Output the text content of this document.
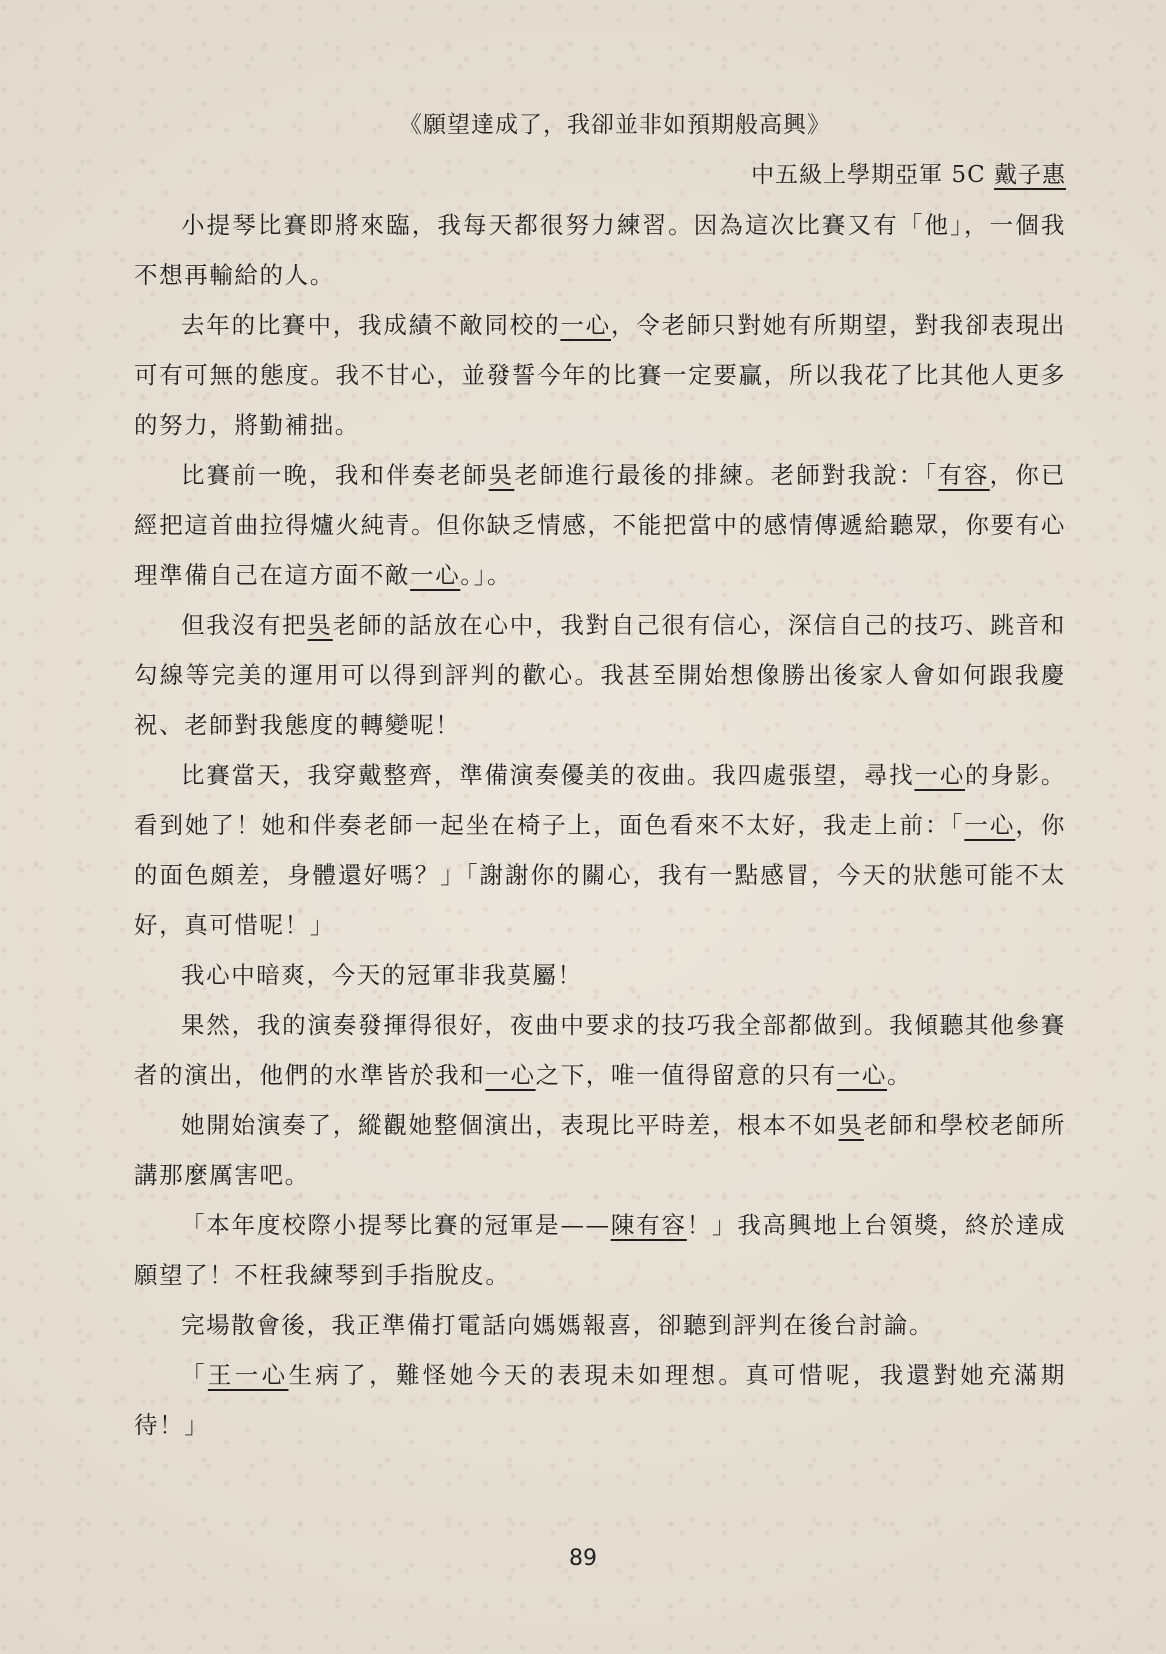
《願望達成了，我卻並非如預期般高興》
中五級上學期亞軍 5C 戴子惠

小提琴比賽即將來臨，我每天都很努力練習。因為這次比賽又有「他」，一個我不想再輸給的人。

去年的比賽中，我成績不敵同校的一心，令老師只對她有所期望，對我卻表現出可有可無的態度。我不甘心，並發誓今年的比賽一定要贏，所以我花了比其他人更多的努力，將勤補拙。

比賽前一晚，我和伴奏老師吳老師進行最後的排練。老師對我說：「有容，你已經把這首曲拉得爐火純青。但你缺乏情感，不能把當中的感情傳遞給聽眾，你要有心理準備自己在這方面不敵一心。」。

但我沒有把吳老師的話放在心中，我對自己很有信心，深信自己的技巧、跳音和勾線等完美的運用可以得到評判的歡心。我甚至開始想像勝出後家人會如何跟我慶祝、老師對我態度的轉變呢！

比賽當天，我穿戴整齊，準備演奏優美的夜曲。我四處張望，尋找一心的身影。看到她了！她和伴奏老師一起坐在椅子上，面色看來不太好，我走上前：「一心，你的面色頗差，身體還好嗎？」「謝謝你的關心，我有一點感冒，今天的狀態可能不太好，真可惜呢！」

我心中暗爽，今天的冠軍非我莫屬！

果然，我的演奏發揮得很好，夜曲中要求的技巧我全部都做到。我傾聽其他參賽者的演出，他們的水準皆於我和一心之下，唯一值得留意的只有一心。

她開始演奏了，縱觀她整個演出，表現比平時差，根本不如吳老師和學校老師所講那麼厲害吧。

「本年度校際小提琴比賽的冠軍是——陳有容！」我高興地上台領獎，終於達成願望了！不枉我練琴到手指脫皮。

完場散會後，我正準備打電話向媽媽報喜，卻聽到評判在後台討論。

「王一心生病了，難怪她今天的表現未如理想。真可惜呢，我還對她充滿期待！」

89
